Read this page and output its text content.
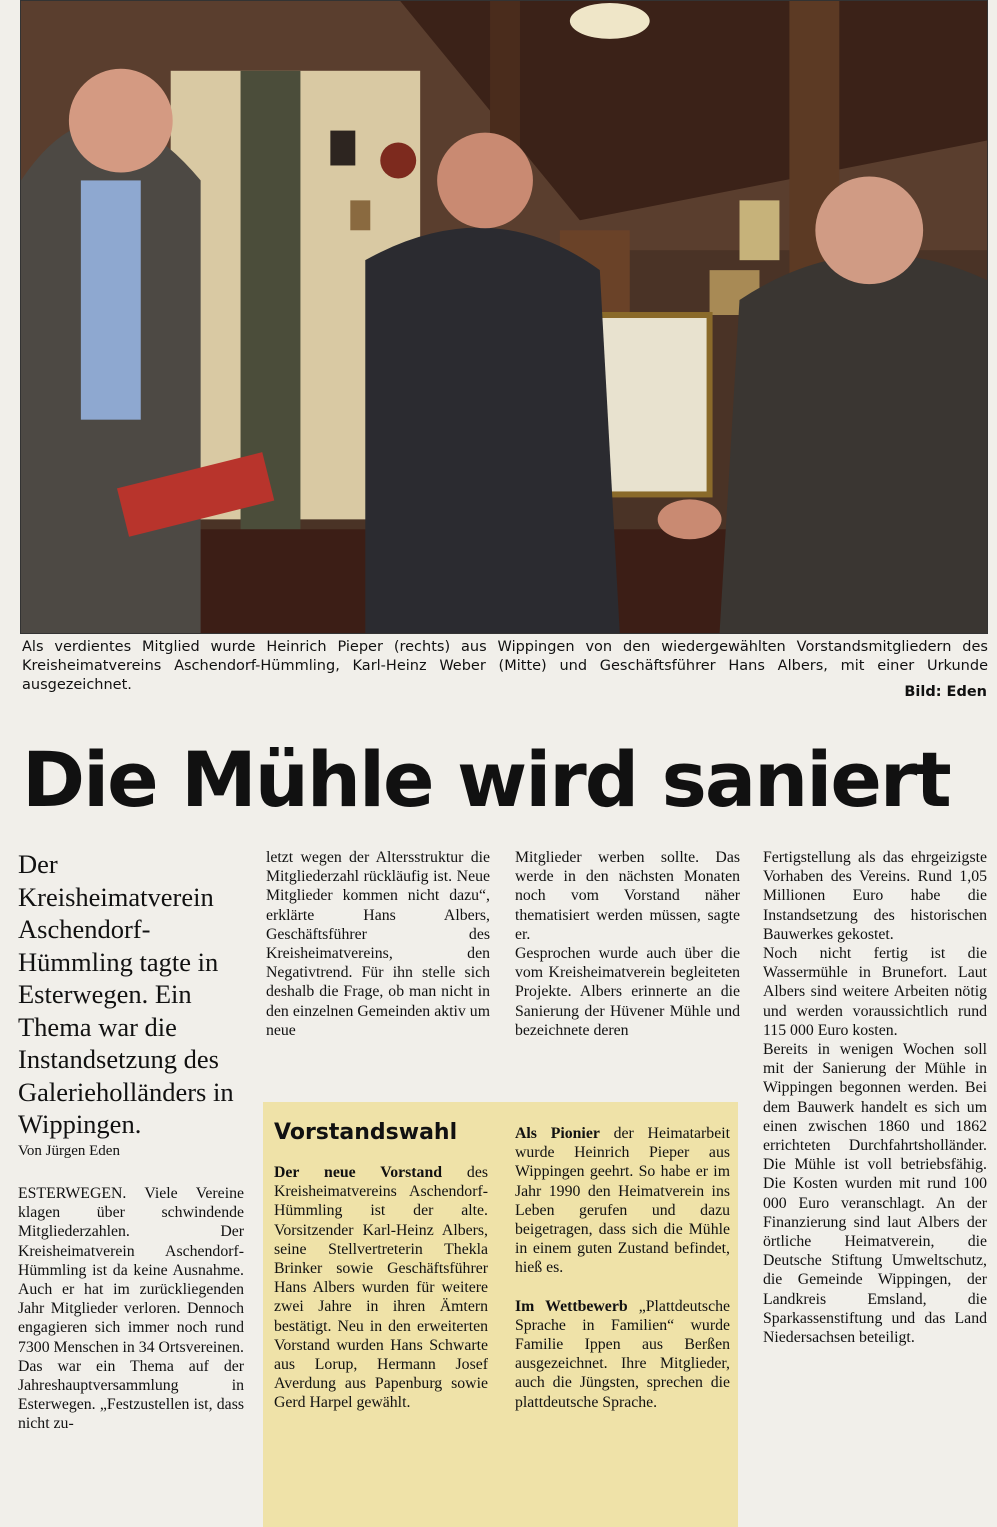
Als verdientes Mitglied wurde Heinrich Pieper (rechts) aus Wippingen von den wiedergewählten Vorstandsmitgliedern des Kreisheimatvereins Aschendorf-Hümmling, Karl-Heinz Weber (Mitte) und Geschäftsführer Hans Albers, mit einer Urkunde ausgezeichnet.	Bild: Eden
Die Mühle wird saniert
Der Kreisheimatverein Aschendorf-Hümmling tagte in Esterwegen. Ein Thema war die Instandsetzung des Galerieholländers in Wippingen.
Von Jürgen Eden

ESTERWEGEN. Viele Vereine klagen über schwindende Mitgliederzahlen. Der Kreisheimatverein Aschendorf-Hümmling ist da keine Ausnahme. Auch er hat im zurückliegenden Jahr Mitglieder verloren. Dennoch engagieren sich immer noch rund 7300 Menschen in 34 Ortsvereinen. Das war ein Thema auf der Jahreshauptversammlung in Esterwegen. „Festzustellen ist, dass nicht zu-

letzt wegen der Altersstruktur die Mitgliederzahl rückläufig ist. Neue Mitglieder kommen nicht dazu“, erklärte Hans Albers, Geschäftsführer des Kreisheimatvereins, den Negativtrend. Für ihn stelle sich deshalb die Frage, ob man nicht in den einzelnen Gemeinden aktiv um neue

Mitglieder werben sollte. Das werde in den nächsten Monaten noch vom Vorstand näher thematisiert werden müssen, sagte er.

Gesprochen wurde auch über die vom Kreisheimatverein begleiteten Projekte. Albers erinnerte an die Sanierung der Hüvener Mühle und bezeichnete deren

Fertigstellung als das ehrgeizigste Vorhaben des Vereins. Rund 1,05 Millionen Euro habe die Instandsetzung des historischen Bauwerkes gekostet.

Noch nicht fertig ist die Wassermühle in Brunefort. Laut Albers sind weitere Arbeiten nötig und werden voraussichtlich rund 115 000 Euro kosten.

Bereits in wenigen Wochen soll mit der Sanierung der Mühle in Wippingen begonnen werden. Bei dem Bauwerk handelt es sich um einen zwischen 1860 und 1862 errichteten Durchfahrtsholländer. Die Mühle ist voll betriebsfähig. Die Kosten wurden mit rund 100 000 Euro veranschlagt. An der Finanzierung sind laut Albers der örtliche Heimatverein, die Deutsche Stiftung Umweltschutz, die Gemeinde Wippingen, der Landkreis Emsland, die Sparkassenstiftung und das Land Niedersachsen beteiligt.

Vorstandswahl

Der neue Vorstand des Kreisheimatvereins Aschendorf-Hümmling ist der alte. Vorsitzender Karl-Heinz Albers, seine Stellvertreterin Thekla Brinker sowie Geschäftsführer Hans Albers wurden für weitere zwei Jahre in ihren Ämtern bestätigt. Neu in den erweiterten Vorstand wurden Hans Schwarte aus Lorup, Hermann Josef Averdung aus Papenburg sowie Gerd Harpel gewählt.

Als Pionier der Heimatarbeit wurde Heinrich Pieper aus Wippingen geehrt. So habe er im Jahr 1990 den Heimatverein ins Leben gerufen und dazu beigetragen, dass sich die Mühle in einem guten Zustand befindet, hieß es.

Im Wettbewerb „Plattdeutsche Sprache in Familien“ wurde Familie Ippen aus Berßen ausgezeichnet. Ihre Mitglieder, auch die Jüngsten, sprechen die plattdeutsche Sprache.
